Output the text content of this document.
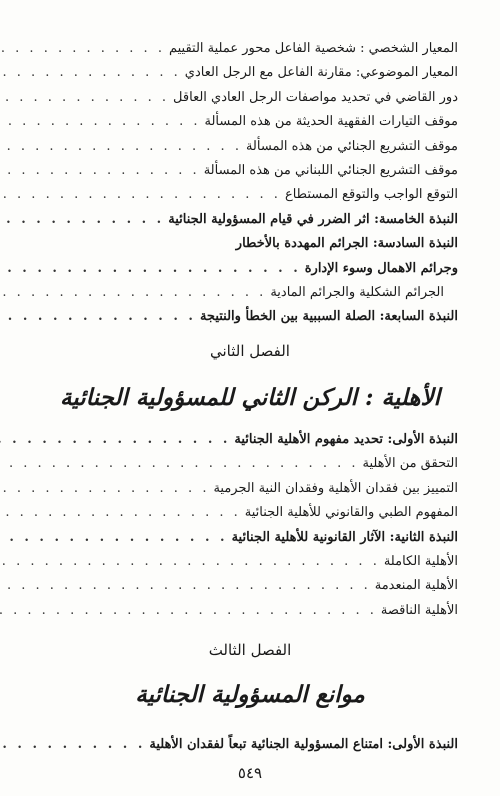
المعيار الشخصي : شخصية الفاعل محور عملية التقييم
. . .
المعيار الموضوعي: مقارنة الفاعل مع الرجل العادي
. . .
دور القاضي في تحديد مواصفات الرجل العادي العاقل
. . .
موقف التيارات الفقهية الحديثة من هذه المسألة
. . .
موقف التشريع الجنائي من هذه المسألة
. . .
موقف التشريع الجنائي اللبناني من هذه المسألة
. . .
التوقع الواجب والتوقع المستطاع
. . .
النبذة الخامسة: اثر الضرر في قيام المسؤولية الجنائية
. . .
النبذة السادسة: الجرائم المهددة بالأخطار
وجرائم الاهمال وسوء الإدارة
. . .
الجرائم الشكلية والجرائم المادية
. . .
النبذة السابعة: الصلة السببية بين الخطأ والنتيجة
. . .
الفصل الثاني
الأهلية : الركن الثاني للمسؤولية الجنائية
النبذة الأولى: تحديد مفهوم الأهلية الجنائية
. . .
التحقق من الأهلية
. . .
التمييز بين فقدان الأهلية وفقدان النية الجرمية
. . .
المفهوم الطبي والقانوني للأهلية الجنائية
. . .
النبذة الثانية: الآثار القانونية للأهلية الجنائية
. . .
الأهلية الكاملة
. . .
الأهلية المنعدمة
. . .
الأهلية الناقصة
. . .
الفصل الثالث
موانع المسؤولية الجنائية
النبذة الأولى: امتناع المسؤولية الجنائية تبعاً لفقدان الأهلية
. . .
٥٤٩
